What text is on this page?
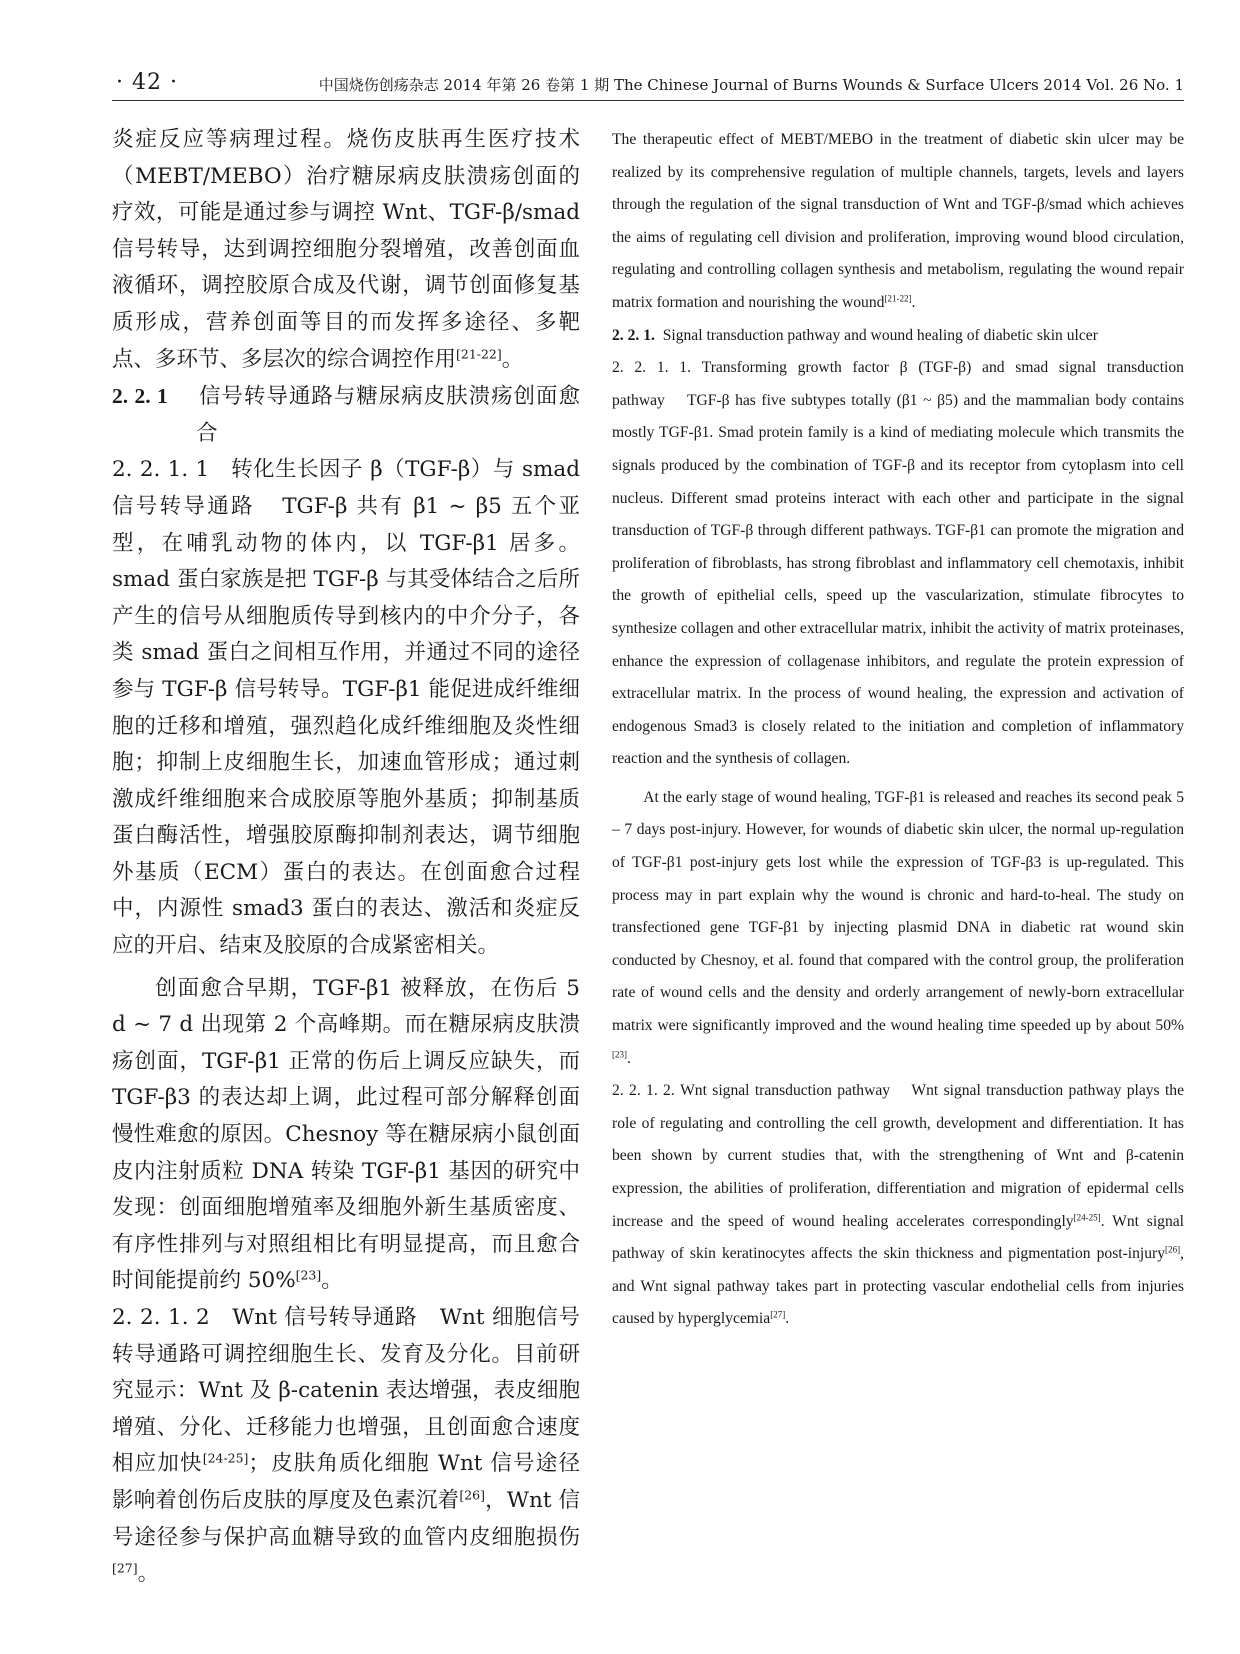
· 42 ·	中国烧伤创疡杂志 2014 年第 26 卷第 1 期 The Chinese Journal of Burns Wounds & Surface Ulcers 2014 Vol. 26 No. 1

炎症反应等病理过程。烧伤皮肤再生医疗技术（MEBT/MEBO）治疗糖尿病皮肤溃疡创面的疗效，可能是通过参与调控 Wnt、TGF-β/smad 信号转导，达到调控细胞分裂增殖，改善创面血液循环，调控胶原合成及代谢，调节创面修复基质形成，营养创面等目的而发挥多途径、多靶点、多环节、多层次的综合调控作用[21-22]。

2. 2. 1 信号转导通路与糖尿病皮肤溃疡创面愈合

2. 2. 1. 1 转化生长因子 β（TGF-β）与 smad 信号转导通路 TGF-β 共有 β1 ~ β5 五个亚型，在哺乳动物的体内，以 TGF-β1 居多。smad 蛋白家族是把 TGF-β 与其受体结合之后所产生的信号从细胞质传导到核内的中介分子，各类 smad 蛋白之间相互作用，并通过不同的途径参与 TGF-β 信号转导。TGF-β1 能促进成纤维细胞的迁移和增殖，强烈趋化成纤维细胞及炎性细胞；抑制上皮细胞生长，加速血管形成；通过刺激成纤维细胞来合成胶原等胞外基质；抑制基质蛋白酶活性，增强胶原酶抑制剂表达，调节细胞外基质（ECM）蛋白的表达。在创面愈合过程中，内源性 smad3 蛋白的表达、激活和炎症反应的开启、结束及胶原的合成紧密相关。

创面愈合早期，TGF-β1 被释放，在伤后 5 d ~ 7 d 出现第 2 个高峰期。而在糖尿病皮肤溃疡创面，TGF-β1 正常的伤后上调反应缺失，而 TGF-β3 的表达却上调，此过程可部分解释创面慢性难愈的原因。Chesnoy 等在糖尿病小鼠创面皮内注射质粒 DNA 转染 TGF-β1 基因的研究中发现：创面细胞增殖率及细胞外新生基质密度、有序性排列与对照组相比有明显提高，而且愈合时间能提前约 50%[23]。

2. 2. 1. 2 Wnt 信号转导通路 Wnt 细胞信号转导通路可调控细胞生长、发育及分化。目前研究显示：Wnt 及 β-catenin 表达增强，表皮细胞增殖、分化、迁移能力也增强，且创面愈合速度相应加快[24-25]；皮肤角质化细胞 Wnt 信号途径影响着创伤后皮肤的厚度及色素沉着[26]，Wnt 信号途径参与保护高血糖导致的血管内皮细胞损伤[27]。

The therapeutic effect of MEBT/MEBO in the treatment of diabetic skin ulcer may be realized by its comprehensive regulation of multiple channels, targets, levels and layers through the regulation of the signal transduction of Wnt and TGF-β/smad which achieves the aims of regulating cell division and proliferation, improving wound blood circulation, regulating and controlling collagen synthesis and metabolism, regulating the wound repair matrix formation and nourishing the wound[21-22].

2. 2. 1. Signal transduction pathway and wound healing of diabetic skin ulcer

2. 2. 1. 1. Transforming growth factor β (TGF-β) and smad signal transduction pathway TGF-β has five subtypes totally (β1 ~ β5) and the mammalian body contains mostly TGF-β1. Smad protein family is a kind of mediating molecule which transmits the signals produced by the combination of TGF-β and its receptor from cytoplasm into cell nucleus. Different smad proteins interact with each other and participate in the signal transduction of TGF-β through different pathways. TGF-β1 can promote the migration and proliferation of fibroblasts, has strong fibroblast and inflammatory cell chemotaxis, inhibit the growth of epithelial cells, speed up the vascularization, stimulate fibrocytes to synthesize collagen and other extracellular matrix, inhibit the activity of matrix proteinases, enhance the expression of collagenase inhibitors, and regulate the protein expression of extracellular matrix. In the process of wound healing, the expression and activation of endogenous Smad3 is closely related to the initiation and completion of inflammatory reaction and the synthesis of collagen.

At the early stage of wound healing, TGF-β1 is released and reaches its second peak 5 – 7 days post-injury. However, for wounds of diabetic skin ulcer, the normal up-regulation of TGF-β1 post-injury gets lost while the expression of TGF-β3 is up-regulated. This process may in part explain why the wound is chronic and hard-to-heal. The study on transfectioned gene TGF-β1 by injecting plasmid DNA in diabetic rat wound skin conducted by Chesnoy, et al. found that compared with the control group, the proliferation rate of wound cells and the density and orderly arrangement of newly-born extracellular matrix were significantly improved and the wound healing time speeded up by about 50%[23].

2. 2. 1. 2. Wnt signal transduction pathway Wnt signal transduction pathway plays the role of regulating and controlling the cell growth, development and differentiation. It has been shown by current studies that, with the strengthening of Wnt and β-catenin expression, the abilities of proliferation, differentiation and migration of epidermal cells increase and the speed of wound healing accelerates correspondingly[24-25]. Wnt signal pathway of skin keratinocytes affects the skin thickness and pigmentation post-injury[26], and Wnt signal pathway takes part in protecting vascular endothelial cells from injuries caused by hyperglycemia[27].
